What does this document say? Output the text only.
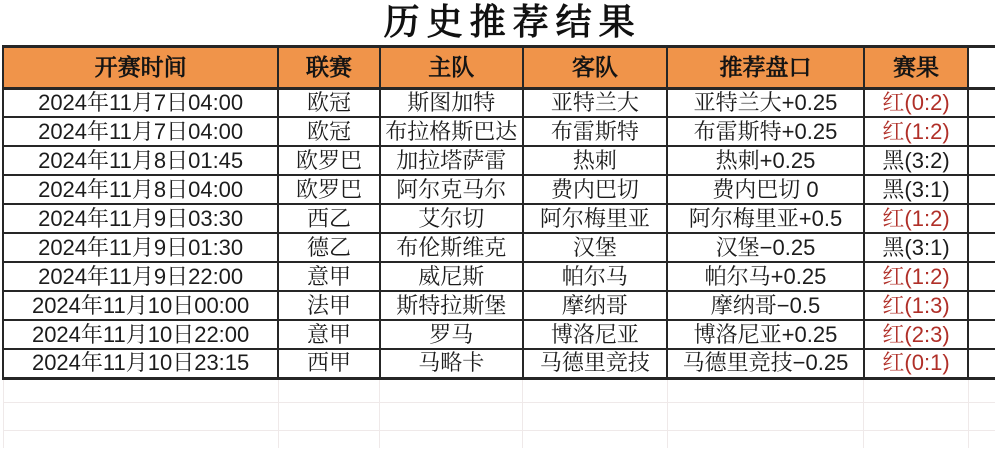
历史推荐结果						
开赛时间	联赛	主队	客队	推荐盘口	赛果	
2024年11月7日04:00	欧冠	斯图加特	亚特兰大	亚特兰大+0.25	红(0:2)	
2024年11月7日04:00	欧冠	布拉格斯巴达	布雷斯特	布雷斯特+0.25	红(1:2)	
2024年11月8日01:45	欧罗巴	加拉塔萨雷	热刺	热刺+0.25	黑(3:2)	
2024年11月8日04:00	欧罗巴	阿尔克马尔	费内巴切	费内巴切 0	黑(3:1)	
2024年11月9日03:30	西乙	艾尔切	阿尔梅里亚	阿尔梅里亚+0.5	红(1:2)	
2024年11月9日01:30	德乙	布伦斯维克	汉堡	汉堡−0.25	黑(3:1)	
2024年11月9日22:00	意甲	威尼斯	帕尔马	帕尔马+0.25	红(1:2)	
2024年11月10日00:00	法甲	斯特拉斯堡	摩纳哥	摩纳哥−0.5	红(1:3)	
2024年11月10日22:00	意甲	罗马	博洛尼亚	博洛尼亚+0.25	红(2:3)	
2024年11月10日23:15	西甲	马略卡	马德里竞技	马德里竞技−0.25	红(0:1)	
